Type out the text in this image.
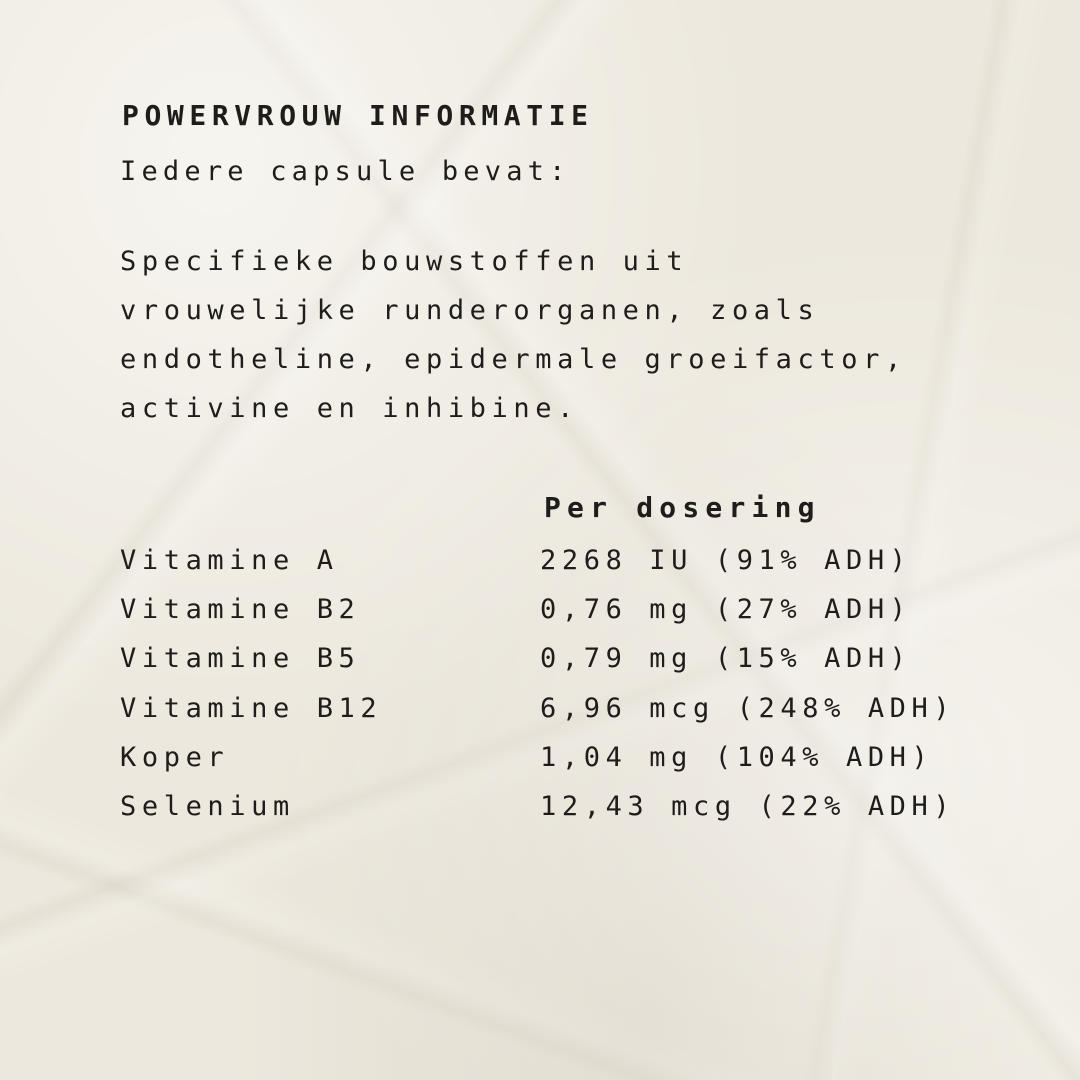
POWERVROUW INFORMATIE
Iedere capsule bevat:
Specifieke bouwstoffen uit
vrouwelijke runderorganen, zoals
endotheline, epidermale groeifactor,
activine en inhibine.
Per dosering
Vitamine A	2268 IU (91% ADH)
Vitamine B2	0,76 mg (27% ADH)
Vitamine B5	0,79 mg (15% ADH)
Vitamine B12	6,96 mcg (248% ADH)
Koper	1,04 mg (104% ADH)
Selenium	12,43 mcg (22% ADH)
